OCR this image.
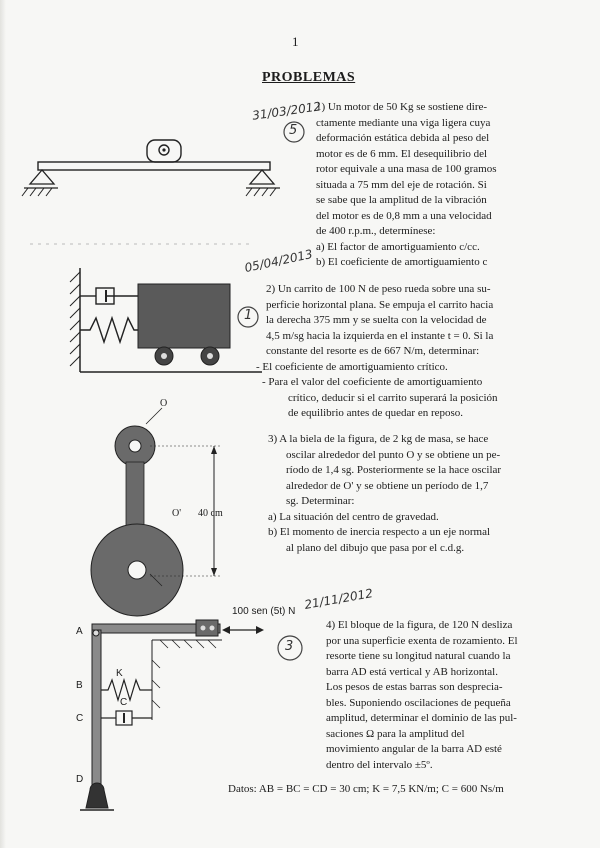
1
PROBLEMAS
31/03/2012
5
1) Un motor de 50 Kg se sostiene dire-
ctamente mediante una viga ligera cuya
deformación estática debida al peso del
motor es de 6 mm. El desequilibrio del
rotor equivale a una masa de 100 gramos
situada a 75 mm del eje de rotación. Si
se sabe que la amplitud de la vibración
del motor es de 0,8 mm a una velocidad
de 400 r.p.m., determínese:
a) El factor de amortiguamiento c/cc.
b) El coeficiente de amortiguamiento c
05/04/2013
1
2) Un carrito de 100 N de peso rueda sobre una su-
perficie horizontal plana. Se empuja el carrito hacia
la derecha 375 mm y se suelta con la velocidad de
4,5 m/sg hacia la izquierda en el instante t = 0. Si la
constante del resorte es de 667 N/m, determinar:
- El coeficiente de amortiguamiento crítico.
- Para el valor del coeficiente de amortiguamiento
crítico, deducir si el carrito superará la posición
de equilibrio antes de quedar en reposo.
O
O' 40 cm
3) A la biela de la figura, de 2 kg de masa, se hace
oscilar alrededor del punto O y se obtiene un pe-
ríodo de 1,4 sg. Posteriormente se la hace oscilar
alrededor de O' y se obtiene un período de 1,7
sg. Determinar:
a) La situación del centro de gravedad.
b) El momento de inercia respecto a un eje normal
al plano del dibujo que pasa por el c.d.g.
100 sen (5t) N 21/11/2012
3
A
B
C
D
K
C
4) El bloque de la figura, de 120 N desliza
por una superficie exenta de rozamiento. El
resorte tiene su longitud natural cuando la
barra AD está vertical y AB horizontal.
Los pesos de estas barras son desprecia-
bles. Suponiendo oscilaciones de pequeña
amplitud, determinar el dominio de las pul-
saciones Ω para la amplitud del
movimiento angular de la barra AD esté
dentro del intervalo ±5º.
Datos: AB = BC = CD = 30 cm; K = 7,5 KN/m; C = 600 Ns/m
